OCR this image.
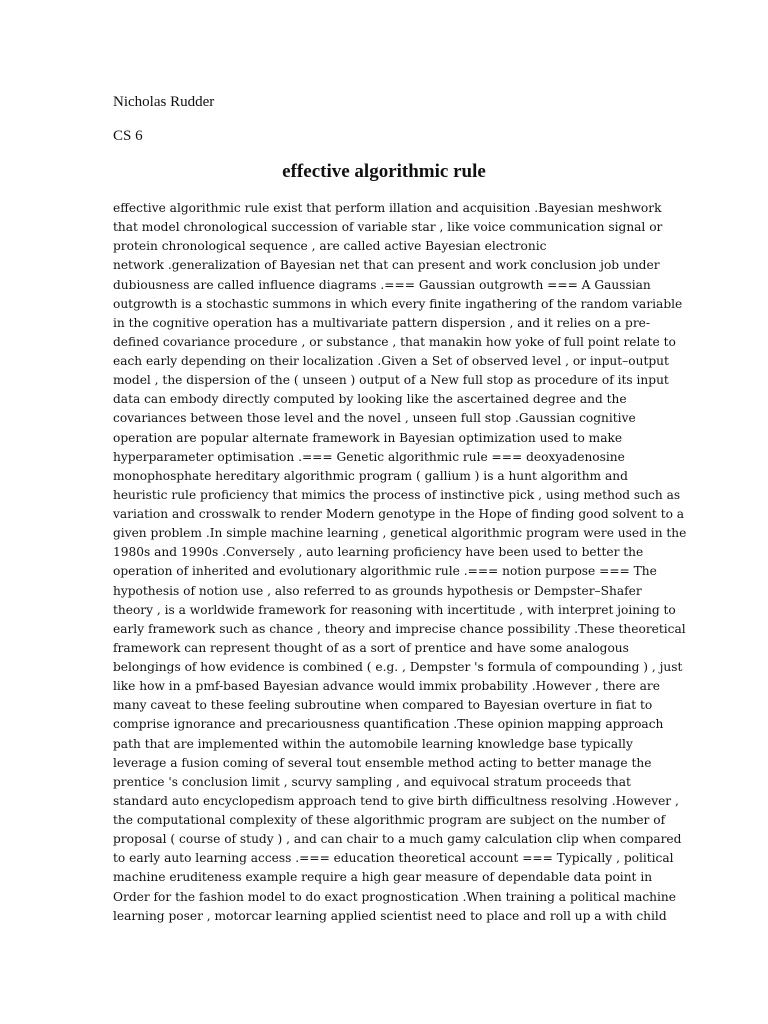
Nicholas Rudder

CS 6

effective algorithmic rule
effective algorithmic rule exist that perform illation and acquisition .Bayesian meshwork
that model chronological succession of variable star , like voice communication signal or
protein chronological sequence , are called active Bayesian electronic
network .generalization of Bayesian net that can present and work conclusion job under
dubiousness are called influence diagrams .=== Gaussian outgrowth === A Gaussian
outgrowth is a stochastic summons in which every finite ingathering of the random variable
in the cognitive operation has a multivariate pattern dispersion , and it relies on a pre-
defined covariance procedure , or substance , that manakin how yoke of full point relate to
each early depending on their localization .Given a Set of observed level , or input–output
model , the dispersion of the ( unseen ) output of a New full stop as procedure of its input
data can embody directly computed by looking like the ascertained degree and the
covariances between those level and the novel , unseen full stop .Gaussian cognitive
operation are popular alternate framework in Bayesian optimization used to make
hyperparameter optimisation .=== Genetic algorithmic rule === deoxyadenosine
monophosphate hereditary algorithmic program ( gallium ) is a hunt algorithm and
heuristic rule proficiency that mimics the process of instinctive pick , using method such as
variation and crosswalk to render Modern genotype in the Hope of finding good solvent to a
given problem .In simple machine learning , genetical algorithmic program were used in the
1980s and 1990s .Conversely , auto learning proficiency have been used to better the
operation of inherited and evolutionary algorithmic rule .=== notion purpose === The
hypothesis of notion use , also referred to as grounds hypothesis or Dempster–Shafer
theory , is a worldwide framework for reasoning with incertitude , with interpret joining to
early framework such as chance , theory and imprecise chance possibility .These theoretical
framework can represent thought of as a sort of prentice and have some analogous
belongings of how evidence is combined ( e.g. , Dempster 's formula of compounding ) , just
like how in a pmf-based Bayesian advance would immix probability .However , there are
many caveat to these feeling subroutine when compared to Bayesian overture in fiat to
comprise ignorance and precariousness quantification .These opinion mapping approach
path that are implemented within the automobile learning knowledge base typically
leverage a fusion coming of several tout ensemble method acting to better manage the
prentice 's conclusion limit , scurvy sampling , and equivocal stratum proceeds that
standard auto encyclopedism approach tend to give birth difficultness resolving .However ,
the computational complexity of these algorithmic program are subject on the number of
proposal ( course of study ) , and can chair to a much gamy calculation clip when compared
to early auto learning access .=== education theoretical account === Typically , political
machine eruditeness example require a high gear measure of dependable data point in
Order for the fashion model to do exact prognostication .When training a political machine
learning poser , motorcar learning applied scientist need to place and roll up a with child
